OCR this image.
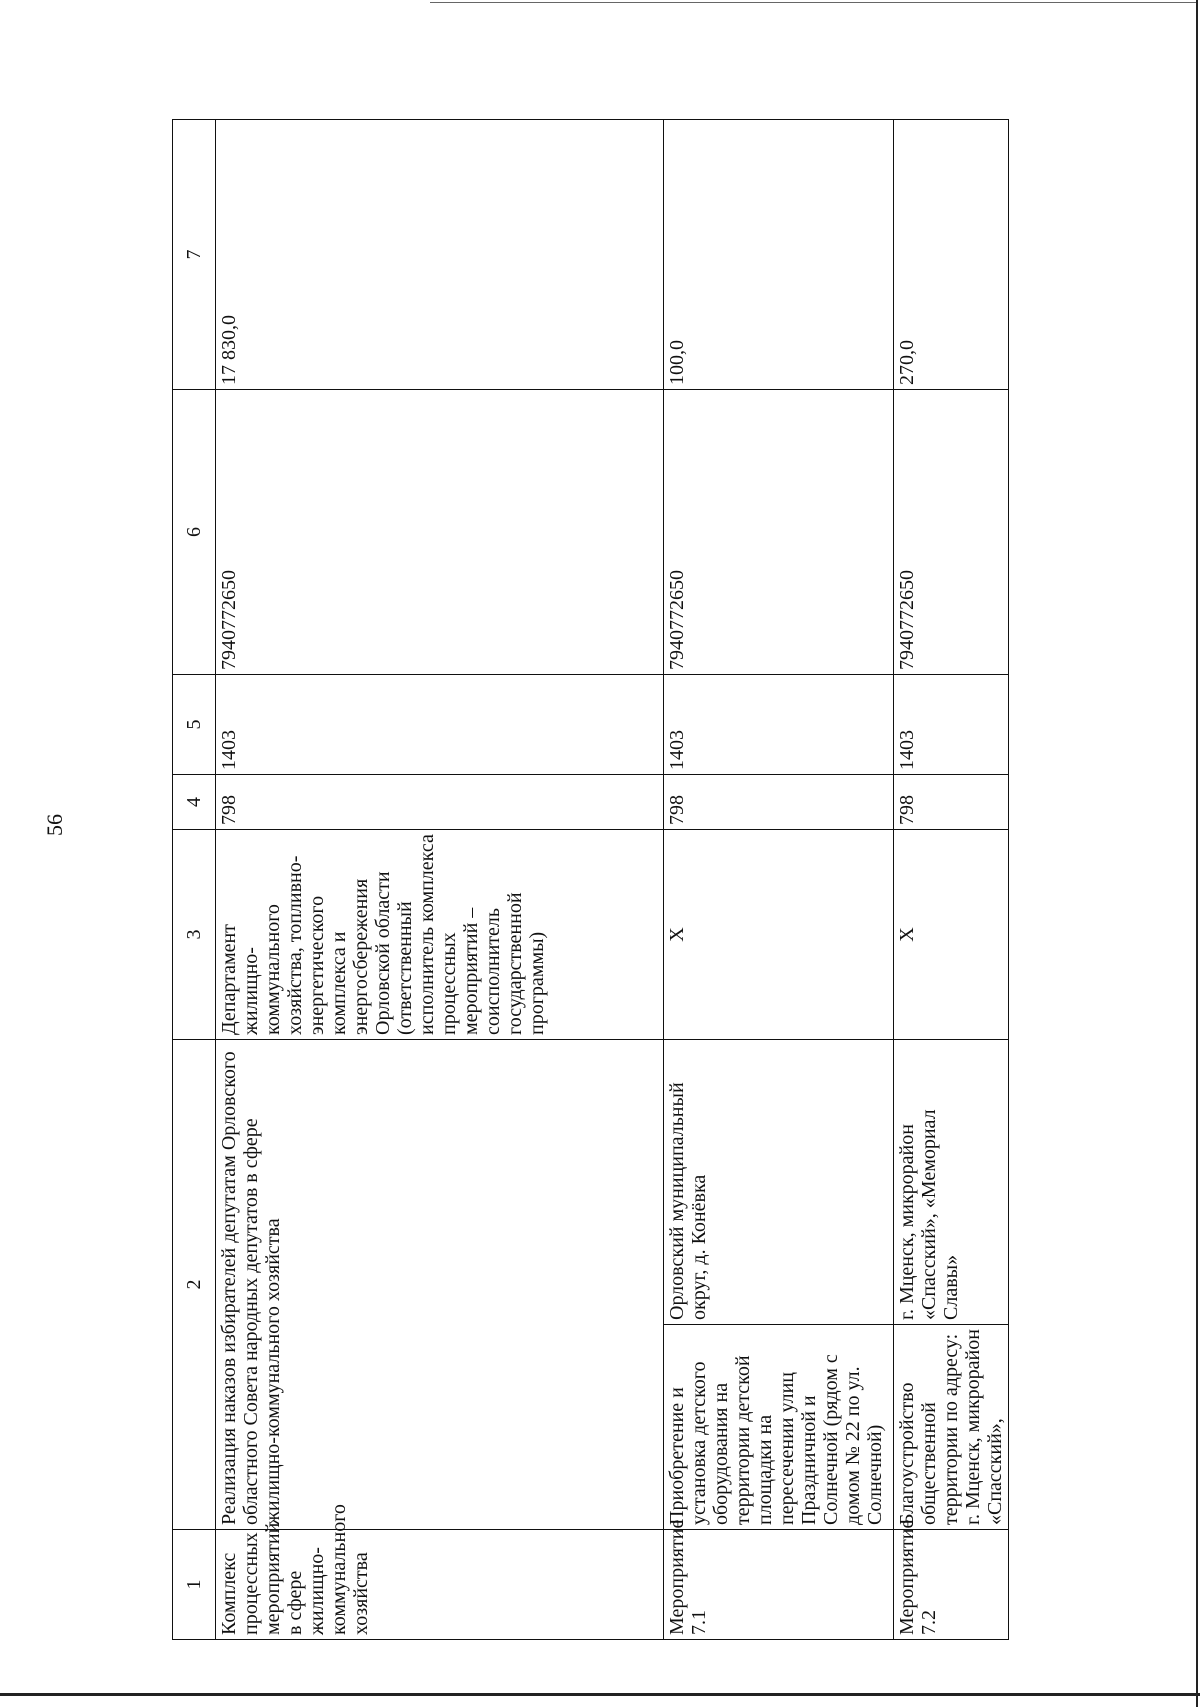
56
1	2		3	4	5	6	7
Комплекс процессных мероприятий в сфере жилищно-коммунального хозяйства	Реализация наказов избирателей депутатам Орловского областного Совета народных депутатов в сфере жилищно-коммунального хозяйства		Департамент жилищно-коммунального хозяйства, топливно-энергетического комплекса и энергосбережения Орловской области (ответственный исполнитель комплекса процессных мероприятий – соисполнитель государственной программы)	798	1403	7940772650	17 830,0
Мероприятие 7.1	Приобретение и установка детского оборудования на территории детской площадки на пересечении улиц Праздничной и Солнечной (рядом с домом № 22 по ул. Солнечной)	Орловский муниципальный округ, д. Конёвка	X	798	1403	7940772650	100,0
Мероприятие 7.2	Благоустройство общественной территории по адресу: г. Мценск, микрорайон «Спасский»,	г. Мценск, микрорайон «Спасский», «Мемориал Славы»	X	798	1403	7940772650	270,0
